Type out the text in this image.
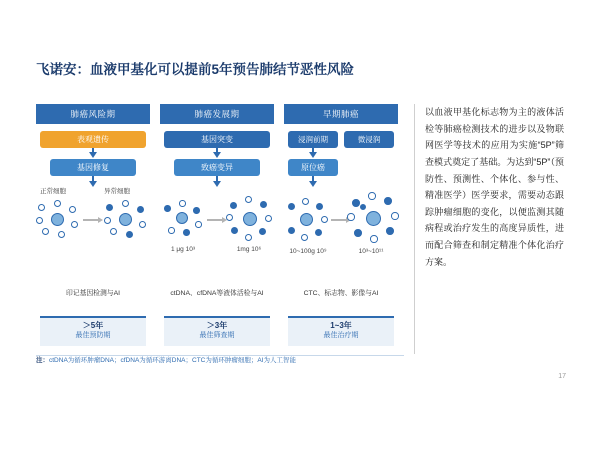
飞诺安：血液甲基化可以提前5年预告肺结节恶性风险
肺癌风险期
表观遗传
基因修复
正常细胞	异常细胞
印记基因检测与AI
＞5年
最佳预防期
肺癌发展期
基因突变
致癌变异
1 μg 10³	1mg 10⁶
ctDNA、cfDNA等液体活检与AI
＞3年
最佳筛查期
早期肺癌
浸润前期	微浸润
原位癌
10~100g 10⁹	10³~10¹¹
CTC、标志物、影像与AI
1~3年
最佳治疗期
注：ctDNA为循环肿瘤DNA；cfDNA为循环游离DNA；CTC为循环肿瘤细胞；AI为人工智能

以血液甲基化标志物为主的液体活检等肺癌检测技术的进步以及物联网医学等技术的应用为实施“5P”筛查模式奠定了基础。为达到“5P”（预防性、预测性、个体化、参与性、精准医学）医学要求，需要动态跟踪肿瘤细胞的变化，以便监测其随病程或治疗发生的高度异质性，进而配合筛查和制定精准个体化治疗方案。

17
